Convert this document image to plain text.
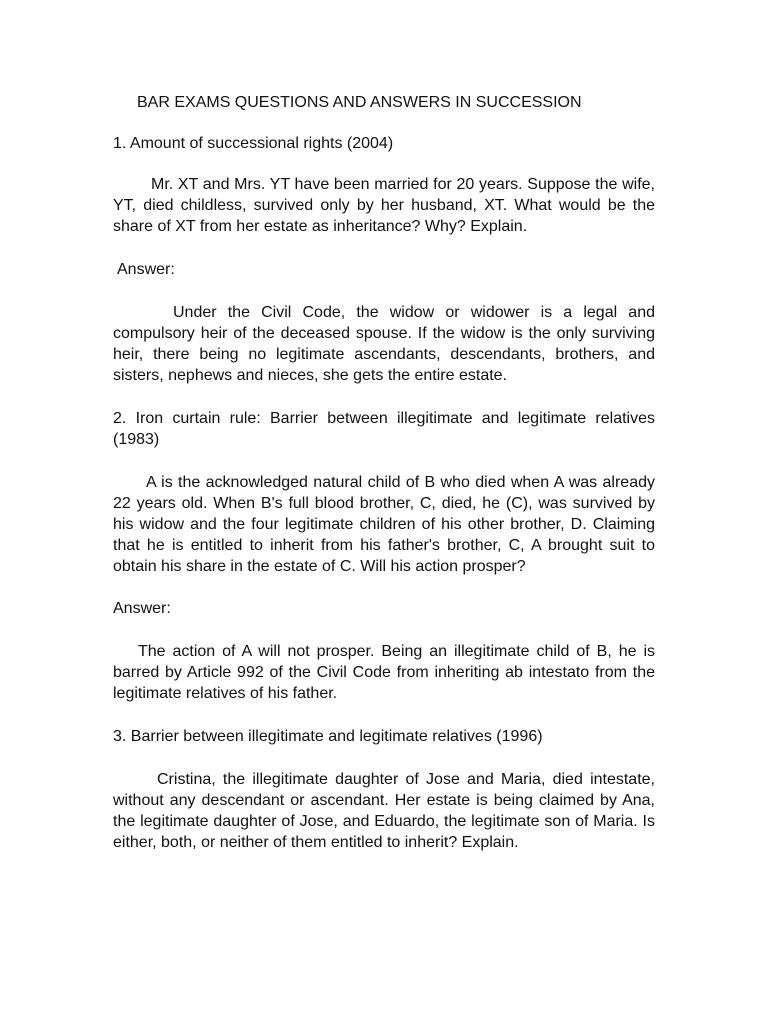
BAR EXAMS QUESTIONS AND ANSWERS IN SUCCESSION
1. Amount of successional rights (2004)
Mr. XT and Mrs. YT have been married for 20 years. Suppose the wife, YT, died childless, survived only by her husband, XT. What would be the share of XT from her estate as inheritance? Why? Explain.
Answer:
Under the Civil Code, the widow or widower is a legal and compulsory heir of the deceased spouse. If the widow is the only surviving heir, there being no legitimate ascendants, descendants, brothers, and sisters, nephews and nieces, she gets the entire estate.
2. Iron curtain rule: Barrier between illegitimate and legitimate relatives (1983)
A is the acknowledged natural child of B who died when A was already 22 years old. When B's full blood brother, C, died, he (C), was survived by his widow and the four legitimate children of his other brother, D. Claiming that he is entitled to inherit from his father's brother, C, A brought suit to obtain his share in the estate of C. Will his action prosper?
Answer:
The action of A will not prosper. Being an illegitimate child of B, he is barred by Article 992 of the Civil Code from inheriting ab intestato from the legitimate relatives of his father.
3. Barrier between illegitimate and legitimate relatives (1996)
Cristina, the illegitimate daughter of Jose and Maria, died intestate, without any descendant or ascendant. Her estate is being claimed by Ana, the legitimate daughter of Jose, and Eduardo, the legitimate son of Maria. Is either, both, or neither of them entitled to inherit? Explain.
